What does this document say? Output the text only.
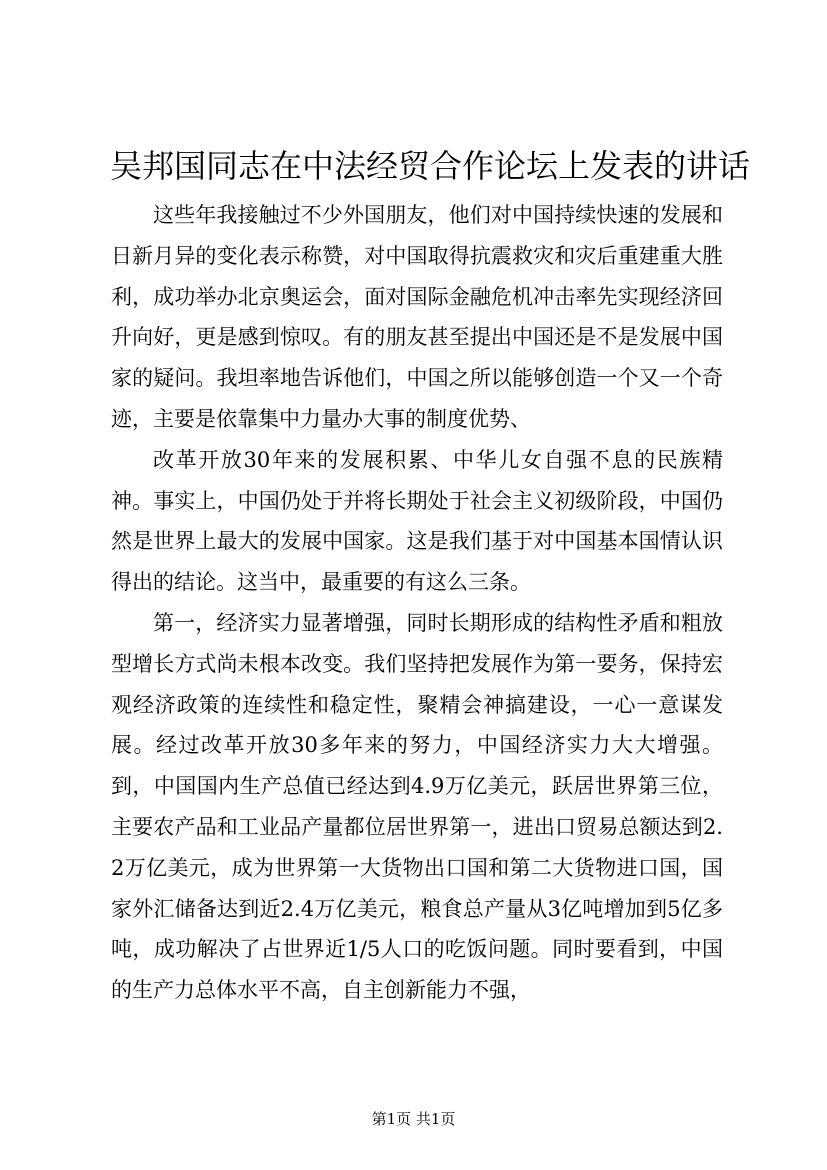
吴邦国同志在中法经贸合作论坛上发表的讲话

这些年我接触过不少外国朋友，他们对中国持续快速的发展和日新月异的变化表示称赞，对中国取得抗震救灾和灾后重建重大胜利，成功举办北京奥运会，面对国际金融危机冲击率先实现经济回升向好，更是感到惊叹。有的朋友甚至提出中国还是不是发展中国家的疑问。我坦率地告诉他们，中国之所以能够创造一个又一个奇迹，主要是依靠集中力量办大事的制度优势、

改革开放30年来的发展积累、中华儿女自强不息的民族精神。事实上，中国仍处于并将长期处于社会主义初级阶段，中国仍然是世界上最大的发展中国家。这是我们基于对中国基本国情认识得出的结论。这当中，最重要的有这么三条。

第一，经济实力显著增强，同时长期形成的结构性矛盾和粗放型增长方式尚未根本改变。我们坚持把发展作为第一要务，保持宏观经济政策的连续性和稳定性，聚精会神搞建设，一心一意谋发展。经过改革开放30多年来的努力，中国经济实力大大增强。到，中国国内生产总值已经达到4.9万亿美元，跃居世界第三位，主要农产品和工业品产量都位居世界第一，进出口贸易总额达到2.2万亿美元，成为世界第一大货物出口国和第二大货物进口国，国家外汇储备达到近2.4万亿美元，粮食总产量从3亿吨增加到5亿多吨，成功解决了占世界近1/5人口的吃饭问题。同时要看到，中国的生产力总体水平不高，自主创新能力不强，

第1页 共1页
